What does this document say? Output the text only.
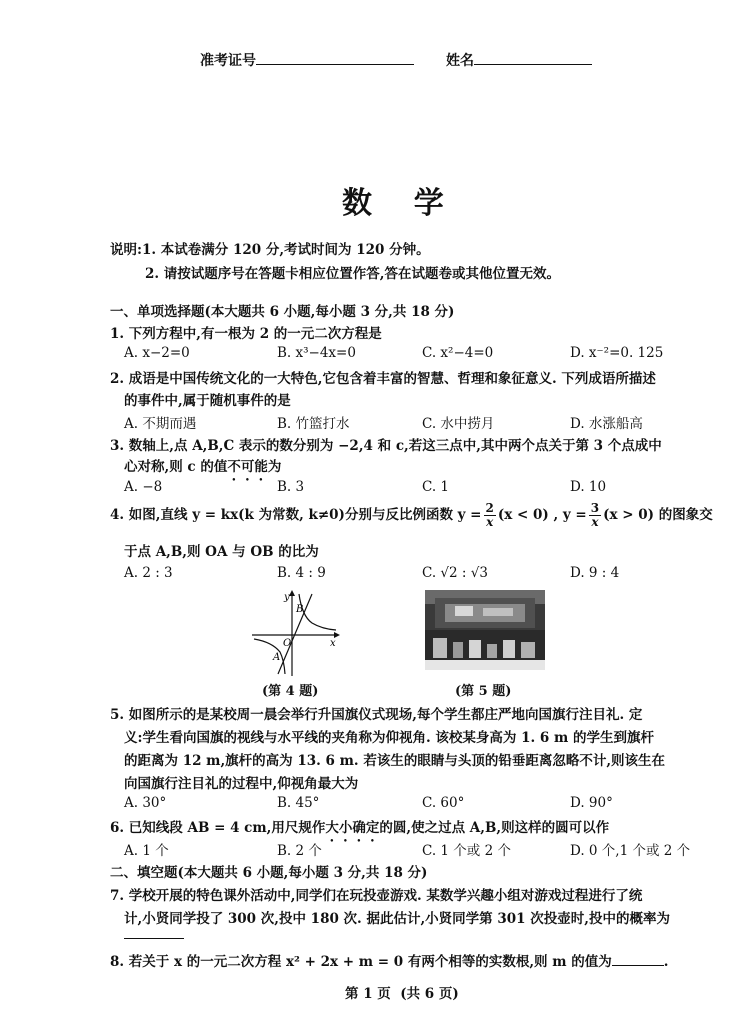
准考证号	姓名
数    学
说明:1. 本试卷满分 120 分,考试时间为 120 分钟。
2. 请按试题序号在答题卡相应位置作答,答在试题卷或其他位置无效。
一、单项选择题(本大题共 6 小题,每小题 3 分,共 18 分)
1. 下列方程中,有一根为 2 的一元二次方程是
A. x−2=0	B. x³−4x=0	C. x²−4=0	D. x⁻²=0. 125
2. 成语是中国传统文化的一大特色,它包含着丰富的智慧、哲理和象征意义. 下列成语所描述
的事件中,属于随机事件的是
A. 不期而遇	B. 竹篮打水	C. 水中捞月	D. 水涨船高
3. 数轴上,点 A,B,C 表示的数分别为 −2,4 和 c,若这三点中,其中两个点关于第 3 个点成中
心对称,则 c 的值不可能为
A. −8	B. 3	C. 1	D. 10
4. 如图,直线 y = kx(k 为常数, k≠0)分别与反比例函数 $y = \frac{2}{x} (x < 0)$ , $y = \frac{3}{x} (x > 0)$ 的图象交
于点 A,B,则 OA 与 OB 的比为
A. 2 : 3	B. 4 : 9	C. √2 : √3	D. 9 : 4
y
x
O
A
B
(第 4 题)	(第 5 题)
5. 如图所示的是某校周一晨会举行升国旗仪式现场,每个学生都庄严地向国旗行注目礼. 定
义:学生看向国旗的视线与水平线的夹角称为仰视角. 该校某身高为 1. 6 m 的学生到旗杆
的距离为 12 m,旗杆的高为 13. 6 m. 若该生的眼睛与头顶的铅垂距离忽略不计,则该生在
向国旗行注目礼的过程中,仰视角最大为
A. 30°	B. 45°	C. 60°	D. 90°
6. 已知线段 AB = 4 cm,用尺规作大小确定的圆,使之过点 A,B,则这样的圆可以作
A. 1 个	B. 2 个	C. 1 个或 2 个	D. 0 个,1 个或 2 个
二、填空题(本大题共 6 小题,每小题 3 分,共 18 分)
7. 学校开展的特色课外活动中,同学们在玩投壶游戏. 某数学兴趣小组对游戏过程进行了统
计,小贤同学投了 300 次,投中 180 次. 据此估计,小贤同学第 301 次投壶时,投中的概率为
8. 若关于 x 的一元二次方程 x² + 2x + m = 0 有两个相等的实数根,则 m 的值为	.
第 1 页  (共 6 页)
